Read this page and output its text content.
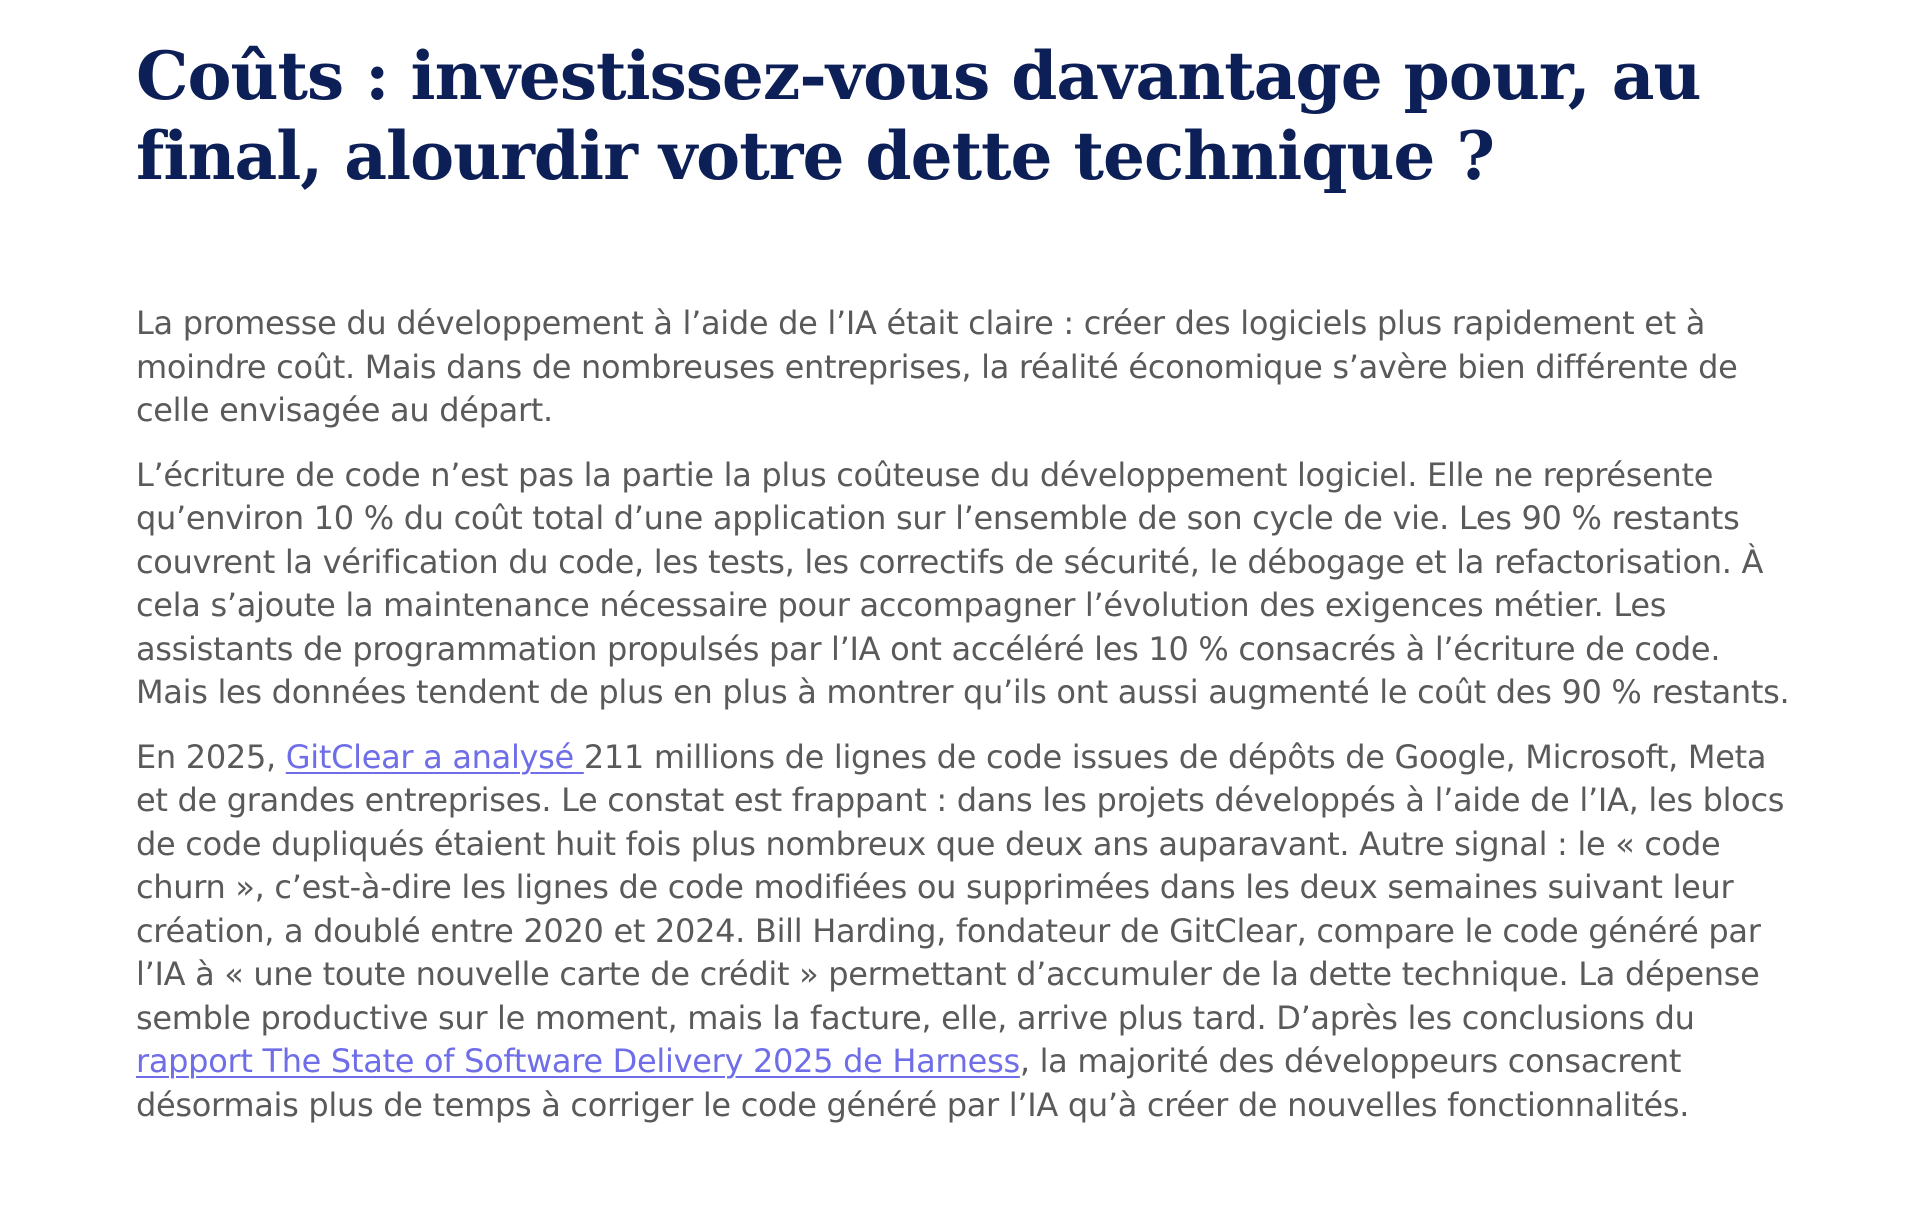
Coûts : investissez-vous davantage pour, au final, alourdir votre dette technique ?

La promesse du développement à l’aide de l’IA était claire : créer des logiciels plus rapidement et à moindre coût. Mais dans de nombreuses entreprises, la réalité économique s’avère bien différente de celle envisagée au départ.

L’écriture de code n’est pas la partie la plus coûteuse du développement logiciel. Elle ne représente qu’environ 10 % du coût total d’une application sur l’ensemble de son cycle de vie. Les 90 % restants couvrent la vérification du code, les tests, les correctifs de sécurité, le débogage et la refactorisation. À cela s’ajoute la maintenance nécessaire pour accompagner l’évolution des exigences métier. Les assistants de programmation propulsés par l’IA ont accéléré les 10 % consacrés à l’écriture de code. Mais les données tendent de plus en plus à montrer qu’ils ont aussi augmenté le coût des 90 % restants.

En 2025, GitClear a analysé 211 millions de lignes de code issues de dépôts de Google, Microsoft, Meta et de grandes entreprises. Le constat est frappant : dans les projets développés à l’aide de l’IA, les blocs de code dupliqués étaient huit fois plus nombreux que deux ans auparavant. Autre signal : le « code churn », c’est-à-dire les lignes de code modifiées ou supprimées dans les deux semaines suivant leur création, a doublé entre 2020 et 2024. Bill Harding, fondateur de GitClear, compare le code généré par l’IA à « une toute nouvelle carte de crédit » permettant d’accumuler de la dette technique. La dépense semble productive sur le moment, mais la facture, elle, arrive plus tard. D’après les conclusions du rapport The State of Software Delivery 2025 de Harness, la majorité des développeurs consacrent désormais plus de temps à corriger le code généré par l’IA qu’à créer de nouvelles fonctionnalités.
